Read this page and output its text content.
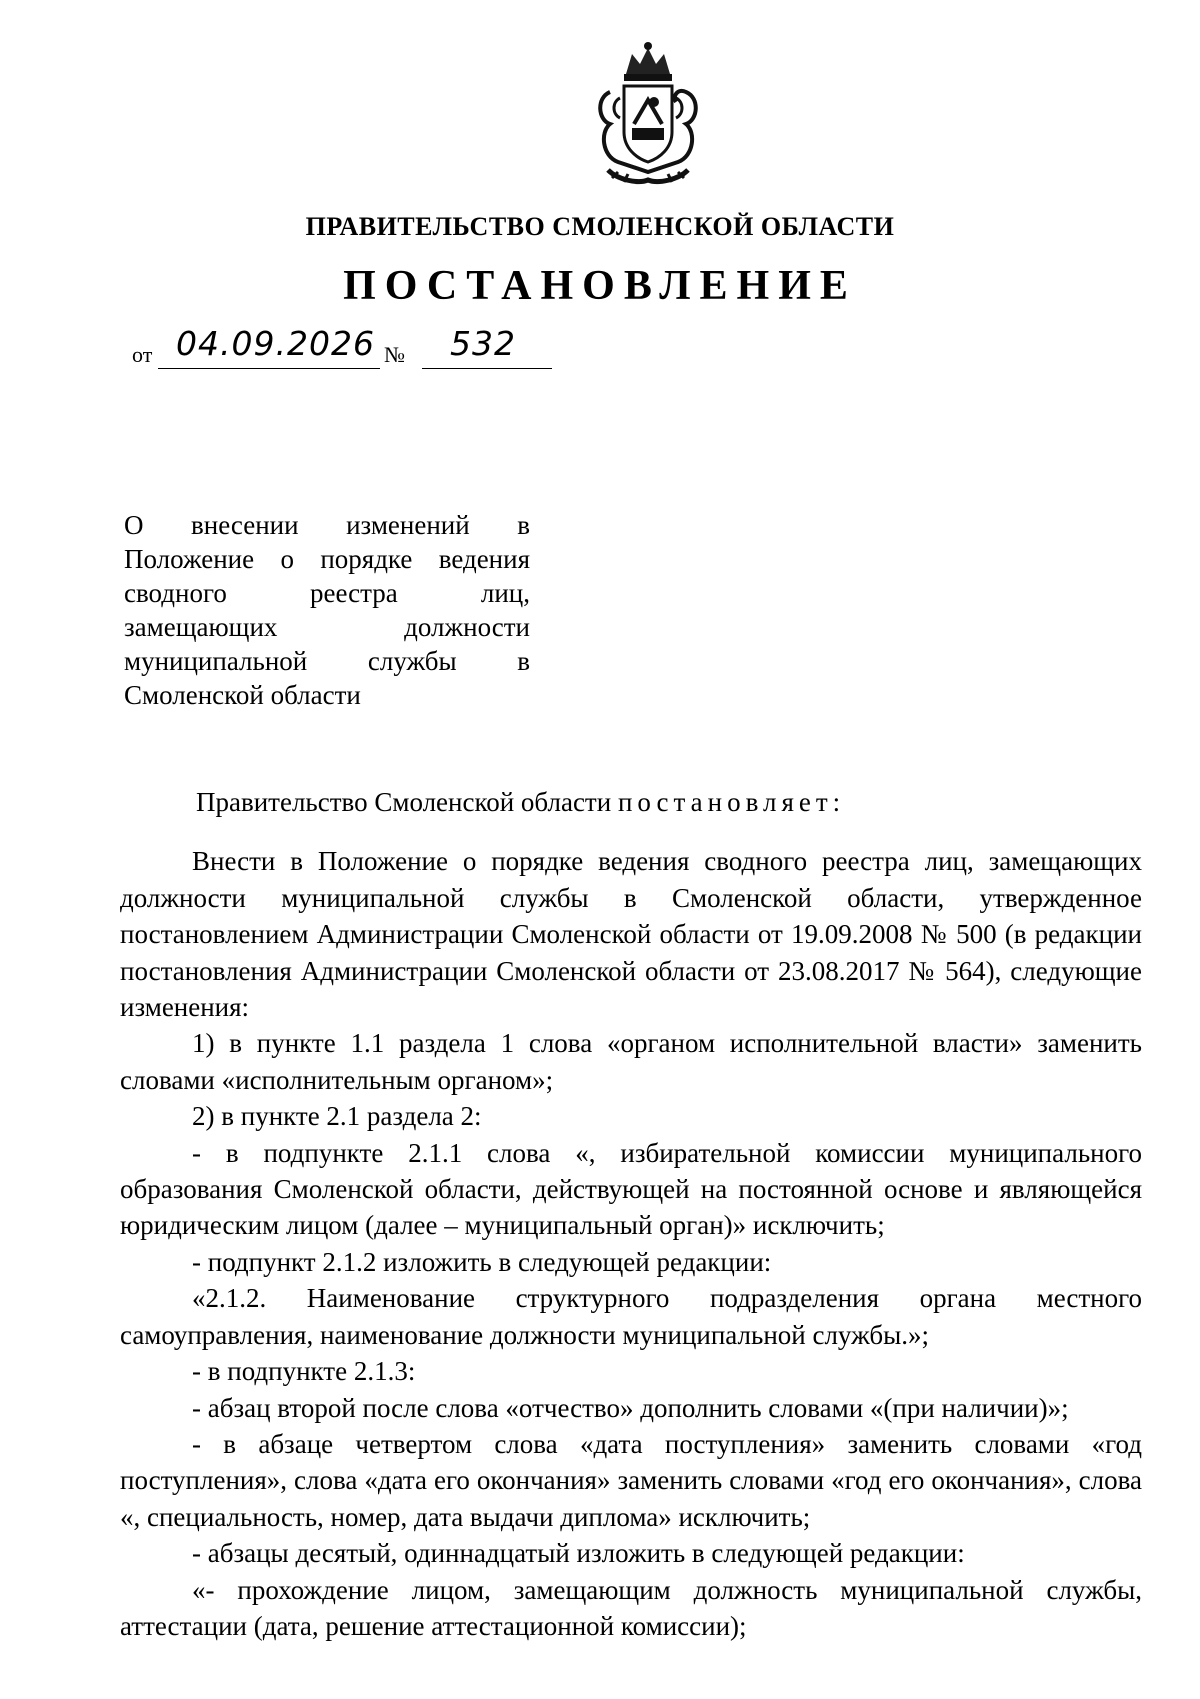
ПРАВИТЕЛЬСТВО СМОЛЕНСКОЙ ОБЛАСТИ
ПОСТАНОВЛЕНИЕ
от 04.09.2026 № 532
О внесении изменений в
Положение о порядке ведения
сводного	реестра	лиц,
замещающих	должности
муниципальной службы в
Смоленской области

Правительство Смоленской области постановляет:

Внести в Положение о порядке ведения сводного реестра лиц, замещающих должности муниципальной службы в Смоленской области, утвержденное постановлением Администрации Смоленской области от 19.09.2008 № 500 (в редакции постановления Администрации Смоленской области от 23.08.2017 № 564), следующие изменения:

1) в пункте 1.1 раздела 1 слова «органом исполнительной власти» заменить словами «исполнительным органом»;

2) в пункте 2.1 раздела 2:

- в подпункте 2.1.1 слова «, избирательной комиссии муниципального образования Смоленской области, действующей на постоянной основе и являющейся юридическим лицом (далее – муниципальный орган)» исключить;

- подпункт 2.1.2 изложить в следующей редакции:

«2.1.2. Наименование структурного подразделения органа местного самоуправления, наименование должности муниципальной службы.»;

- в подпункте 2.1.3:

- абзац второй после слова «отчество» дополнить словами «(при наличии)»;

- в абзаце четвертом слова «дата поступления» заменить словами «год поступления», слова «дата его окончания» заменить словами «год его окончания», слова «, специальность, номер, дата выдачи диплома» исключить;

- абзацы десятый, одиннадцатый изложить в следующей редакции:

«- прохождение лицом, замещающим должность муниципальной службы, аттестации (дата, решение аттестационной комиссии);
